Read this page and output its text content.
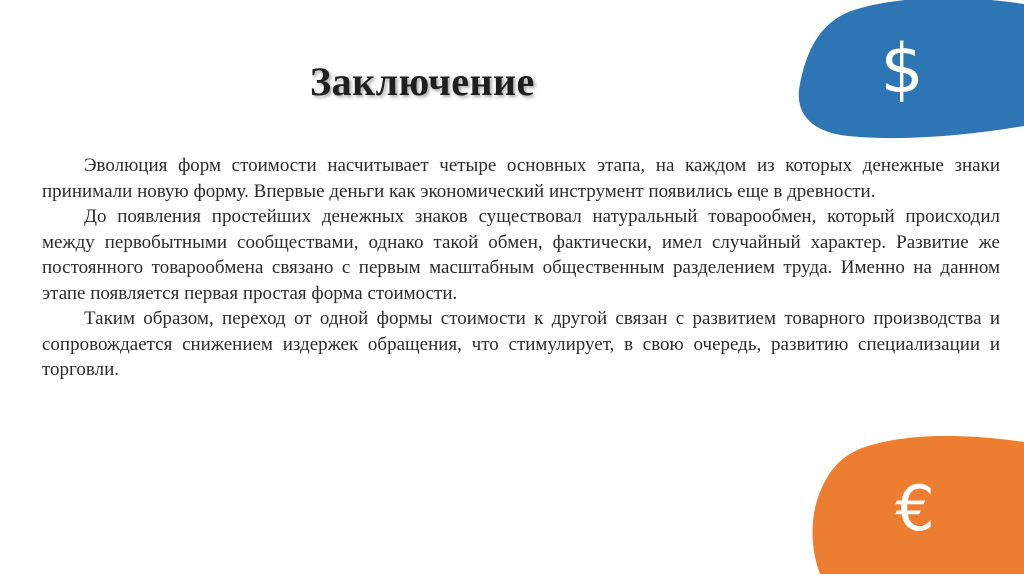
$
€
Заключение

Эволюция форм стоимости насчитывает четыре основных этапа, на каждом из которых денежные знаки принимали новую форму. Впервые деньги как экономический инструмент появились еще в древности.

До появления простейших денежных знаков существовал натуральный товарообмен, который происходил между первобытными сообществами, однако такой обмен, фактически, имел случайный характер. Развитие же постоянного товарообмена связано с первым масштабным общественным разделением труда. Именно на данном этапе появляется первая простая форма стоимости.

Таким образом, переход от одной формы стоимости к другой связан с развитием товарного производства и сопровождается снижением издержек обращения, что стимулирует, в свою очередь, развитию специализации и торговли.
